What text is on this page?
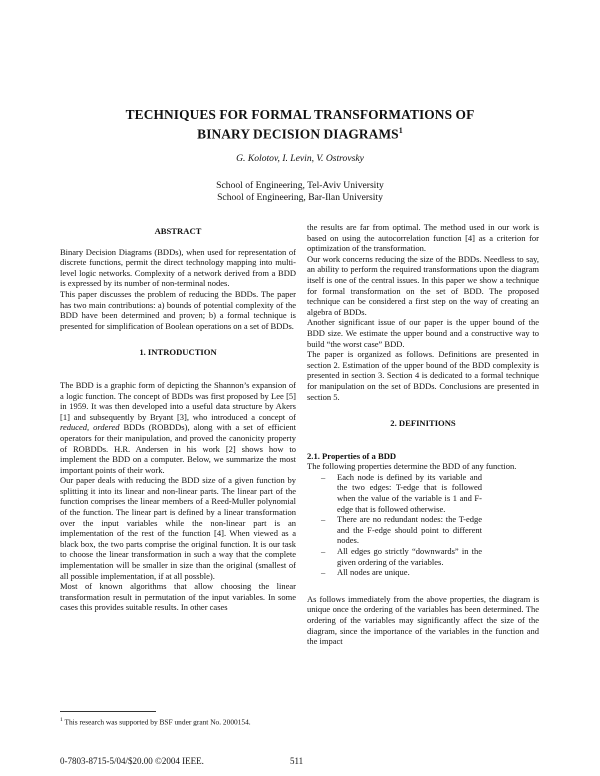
TECHNIQUES FOR FORMAL TRANSFORMATIONS OF
BINARY DECISION DIAGRAMS$^1$
G. Kolotov, I. Levin, V. Ostrovsky
School of Engineering, Tel-Aviv University
School of Engineering, Bar-Ilan University
ABSTRACT

Binary Decision Diagrams (BDDs), when used for representation of discrete functions, permit the direct technology mapping into multi-level logic networks. Complexity of a network derived from a BDD is expressed by its number of non-terminal nodes.

This paper discusses the problem of reducing the BDDs. The paper has two main contributions: a) bounds of potential complexity of the BDD have been determined and proven; b) a formal technique is presented for simplification of Boolean operations on a set of BDDs.

1. INTRODUCTION

The BDD is a graphic form of depicting the Shannon’s expansion of a logic function. The concept of BDDs was first proposed by Lee [5] in 1959. It was then developed into a useful data structure by Akers [1] and subsequently by Bryant [3], who introduced a concept of reduced, ordered BDDs (ROBDDs), along with a set of efficient operators for their manipulation, and proved the canonicity property of ROBDDs. H.R. Andersen in his work [2] shows how to implement the BDD on a computer. Below, we summarize the most important points of their work.

Our paper deals with reducing the BDD size of a given function by splitting it into its linear and non-linear parts. The linear part of the function comprises the linear members of a Reed-Muller polynomial of the function. The linear part is defined by a linear transformation over the input variables while the non-linear part is an implementation of the rest of the function [4]. When viewed as a black box, the two parts comprise the original function. It is our task to choose the linear transformation in such a way that the complete implementation will be smaller in size than the original (smallest of all possible implementation, if at all possble).

Most of known algorithms that allow choosing the linear transformation result in permutation of the input variables. In some cases this provides suitable results. In other cases

the results are far from optimal. The method used in our work is based on using the autocorrelation function [4] as a criterion for optimization of the transformation.

Our work concerns reducing the size of the BDDs. Needless to say, an ability to perform the required transformations upon the diagram itself is one of the central issues. In this paper we show a technique for formal transformation on the set of BDD. The proposed technique can be considered a first step on the way of creating an algebra of BDDs.

Another significant issue of our paper is the upper bound of the BDD size. We estimate the upper bound and a constructive way to build “the worst case” BDD.

The paper is organized as follows. Definitions are presented in section 2. Estimation of the upper bound of the BDD complexity is presented in section 3. Section 4 is dedicated to a formal technique for manipulation on the set of BDDs. Conclusions are presented in section 5.

2. DEFINITIONS
2.1. Properties of a BDD

The following properties determine the BDD of any function.

– Each node is defined by its variable and the two edges: T-edge that is followed when the value of the variable is 1 and F-edge that is followed otherwise.
– There are no redundant nodes: the T-edge and the F-edge should point to different nodes.
– All edges go strictly “downwards” in the given ordering of the variables.
– All nodes are unique.

As follows immediately from the above properties, the diagram is unique once the ordering of the variables has been determined. The ordering of the variables may significantly affect the size of the diagram, since the importance of the variables in the function and the impact

$^1$ This research was supported by BSF under grant No. 2000154.
0-7803-8715-5/04/$20.00 ©2004 IEEE.	511
